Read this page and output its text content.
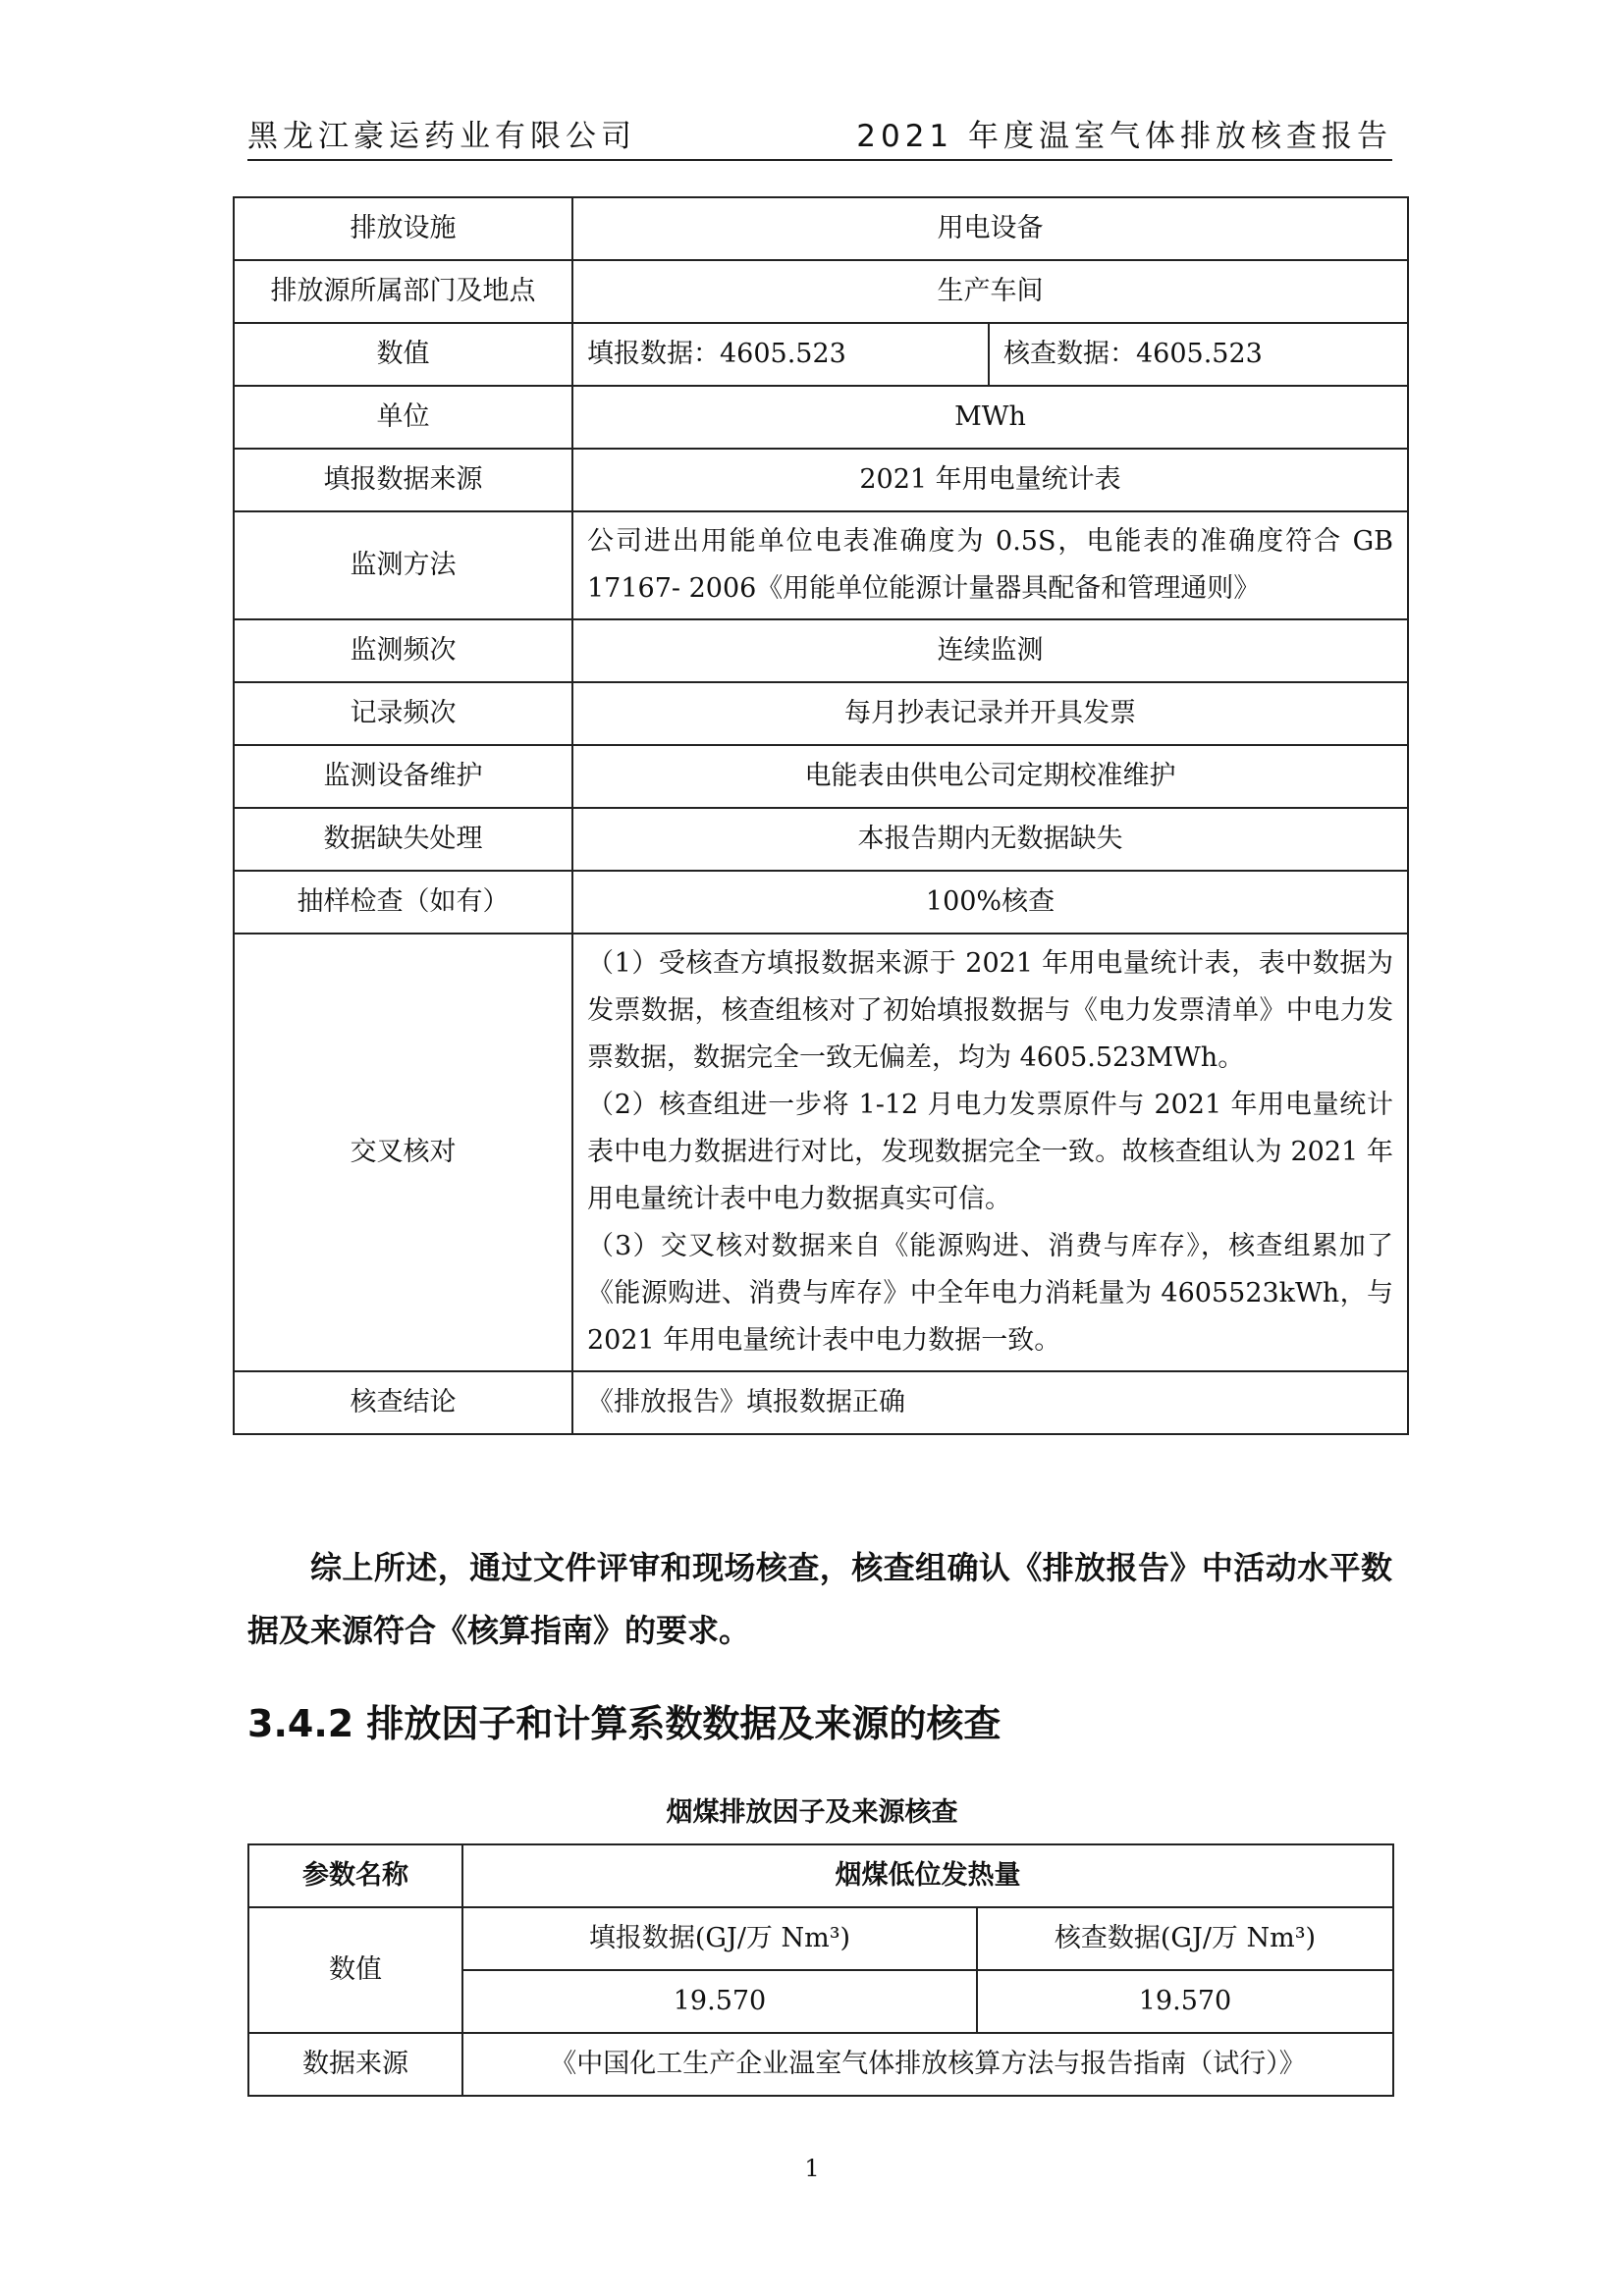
黑龙江豪运药业有限公司	2021 年度温室气体排放核查报告
排放设施	用电设备	
排放源所属部门及地点	生产车间	
数值	填报数据：4605.523	核查数据：4605.523
单位	MWh	
填报数据来源	2021 年用电量统计表	
监测方法	公司进出用能单位电表准确度为 0.5S，电能表的准确度符合 GB 17167- 2006《用能单位能源计量器具配备和管理通则》	
监测频次	连续监测	
记录频次	每月抄表记录并开具发票	
监测设备维护	电能表由供电公司定期校准维护	
数据缺失处理	本报告期内无数据缺失	
抽样检查（如有）	100%核查	
交叉核对	（1）受核查方填报数据来源于 2021 年用电量统计表，表中数据为发票数据，核查组核对了初始填报数据与《电力发票清单》中电力发票数据，数据完全一致无偏差，均为 4605.523MWh。
（2）核查组进一步将 1-12 月电力发票原件与 2021 年用电量统计表中电力数据进行对比，发现数据完全一致。故核查组认为 2021 年用电量统计表中电力数据真实可信。
（3）交叉核对数据来自《能源购进、消费与库存》，核查组累加了《能源购进、消费与库存》中全年电力消耗量为 4605523kWh，与 2021 年用电量统计表中电力数据一致。	

核查结论	《排放报告》填报数据正确	
综上所述，通过文件评审和现场核查，核查组确认《排放报告》中活动水平数据及来源符合《核算指南》的要求。
3.4.2 排放因子和计算系数数据及来源的核查
烟煤排放因子及来源核查
参数名称	烟煤低位发热量	
数值	填报数据(GJ/万 Nm³)	核查数据(GJ/万 Nm³)
	19.570	19.570
数据来源	《中国化工生产企业温室气体排放核算方法与报告指南（试行）》	
1
